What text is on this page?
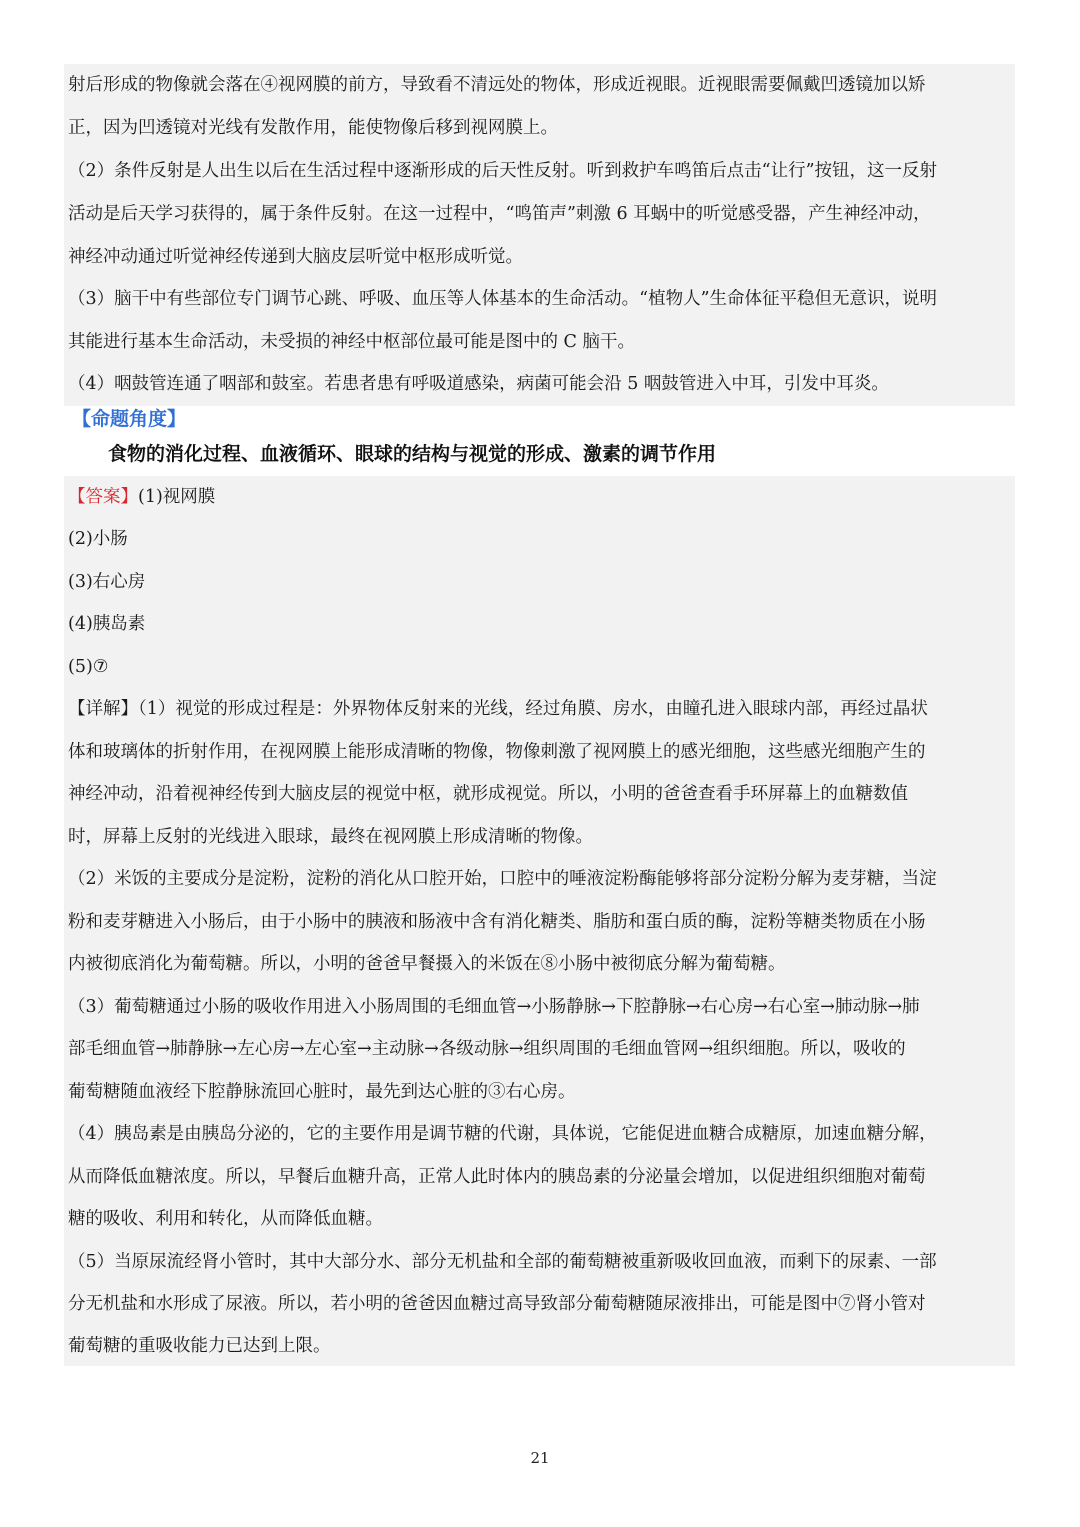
射后形成的物像就会落在④视网膜的前方，导致看不清远处的物体，形成近视眼。近视眼需要佩戴凹透镜加以矫
正，因为凹透镜对光线有发散作用，能使物像后移到视网膜上。
（2）条件反射是人出生以后在生活过程中逐渐形成的后天性反射。听到救护车鸣笛后点击“让行”按钮，这一反射
活动是后天学习获得的，属于条件反射。在这一过程中，“鸣笛声”刺激 6 耳蜗中的听觉感受器，产生神经冲动，
神经冲动通过听觉神经传递到大脑皮层听觉中枢形成听觉。
（3）脑干中有些部位专门调节心跳、呼吸、血压等人体基本的生命活动。“植物人”生命体征平稳但无意识，说明
其能进行基本生命活动，未受损的神经中枢部位最可能是图中的 C 脑干。
（4）咽鼓管连通了咽部和鼓室。若患者患有呼吸道感染，病菌可能会沿 5 咽鼓管进入中耳，引发中耳炎。
【命题角度】
食物的消化过程、血液循环、眼球的结构与视觉的形成、激素的调节作用
【答案】(1)视网膜
(2)小肠
(3)右心房
(4)胰岛素
(5)⑦
【详解】（1）视觉的形成过程是：外界物体反射来的光线，经过角膜、房水，由瞳孔进入眼球内部，再经过晶状
体和玻璃体的折射作用，在视网膜上能形成清晰的物像，物像刺激了视网膜上的感光细胞，这些感光细胞产生的
神经冲动，沿着视神经传到大脑皮层的视觉中枢，就形成视觉。所以，小明的爸爸查看手环屏幕上的血糖数值
时，屏幕上反射的光线进入眼球，最终在视网膜上形成清晰的物像。
（2）米饭的主要成分是淀粉，淀粉的消化从口腔开始，口腔中的唾液淀粉酶能够将部分淀粉分解为麦芽糖，当淀
粉和麦芽糖进入小肠后，由于小肠中的胰液和肠液中含有消化糖类、脂肪和蛋白质的酶，淀粉等糖类物质在小肠
内被彻底消化为葡萄糖。所以，小明的爸爸早餐摄入的米饭在⑧小肠中被彻底分解为葡萄糖。
（3）葡萄糖通过小肠的吸收作用进入小肠周围的毛细血管→小肠静脉→下腔静脉→右心房→右心室→肺动脉→肺
部毛细血管→肺静脉→左心房→左心室→主动脉→各级动脉→组织周围的毛细血管网→组织细胞。所以，吸收的
葡萄糖随血液经下腔静脉流回心脏时，最先到达心脏的③右心房。
（4）胰岛素是由胰岛分泌的，它的主要作用是调节糖的代谢，具体说，它能促进血糖合成糖原，加速血糖分解，
从而降低血糖浓度。所以，早餐后血糖升高，正常人此时体内的胰岛素的分泌量会增加，以促进组织细胞对葡萄
糖的吸收、利用和转化，从而降低血糖。
（5）当原尿流经肾小管时，其中大部分水、部分无机盐和全部的葡萄糖被重新吸收回血液，而剩下的尿素、一部
分无机盐和水形成了尿液。所以，若小明的爸爸因血糖过高导致部分葡萄糖随尿液排出，可能是图中⑦肾小管对
葡萄糖的重吸收能力已达到上限。
21
